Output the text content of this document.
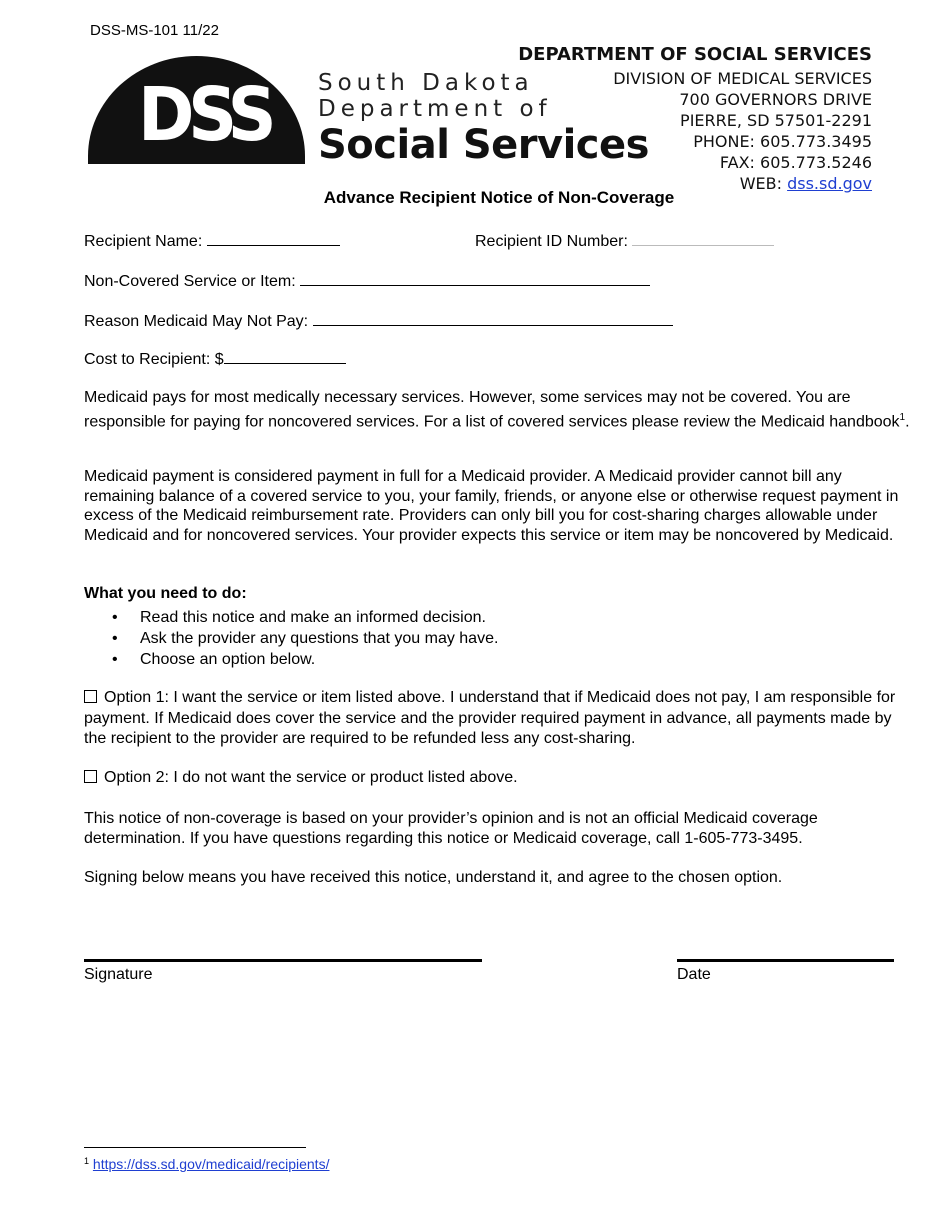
DSS-MS-101 11/22
DSS South Dakota
Department of
Social Services
DEPARTMENT OF SOCIAL SERVICES
DIVISION OF MEDICAL SERVICES
700 GOVERNORS DRIVE
PIERRE, SD 57501-2291
PHONE: 605.773.3495
FAX: 605.773.5246
WEB: dss.sd.gov
Advance Recipient Notice of Non-Coverage
Recipient Name:	Recipient ID Number:
Non-Covered Service or Item:
Reason Medicaid May Not Pay:
Cost to Recipient: $
Medicaid pays for most medically necessary services. However, some services may not be covered. You are responsible for paying for noncovered services. For a list of covered services please review the Medicaid handbook$^1$.
Medicaid payment is considered payment in full for a Medicaid provider. A Medicaid provider cannot bill any remaining balance of a covered service to you, your family, friends, or anyone else or otherwise request payment in excess of the Medicaid reimbursement rate. Providers can only bill you for cost-sharing charges allowable under Medicaid and for noncovered services. Your provider expects this service or item may be noncovered by Medicaid.
What you need to do:
• Read this notice and make an informed decision.
• Ask the provider any questions that you may have.
• Choose an option below.
Option 1: I want the service or item listed above. I understand that if Medicaid does not pay, I am responsible for payment. If Medicaid does cover the service and the provider required payment in advance, all payments made by the recipient to the provider are required to be refunded less any cost-sharing.
Option 2: I do not want the service or product listed above.
This notice of non-coverage is based on your provider’s opinion and is not an official Medicaid coverage determination. If you have questions regarding this notice or Medicaid coverage, call 1-605-773-3495.
Signing below means you have received this notice, understand it, and agree to the chosen option.
Signature	Date
$^1$ https://dss.sd.gov/medicaid/recipients/
